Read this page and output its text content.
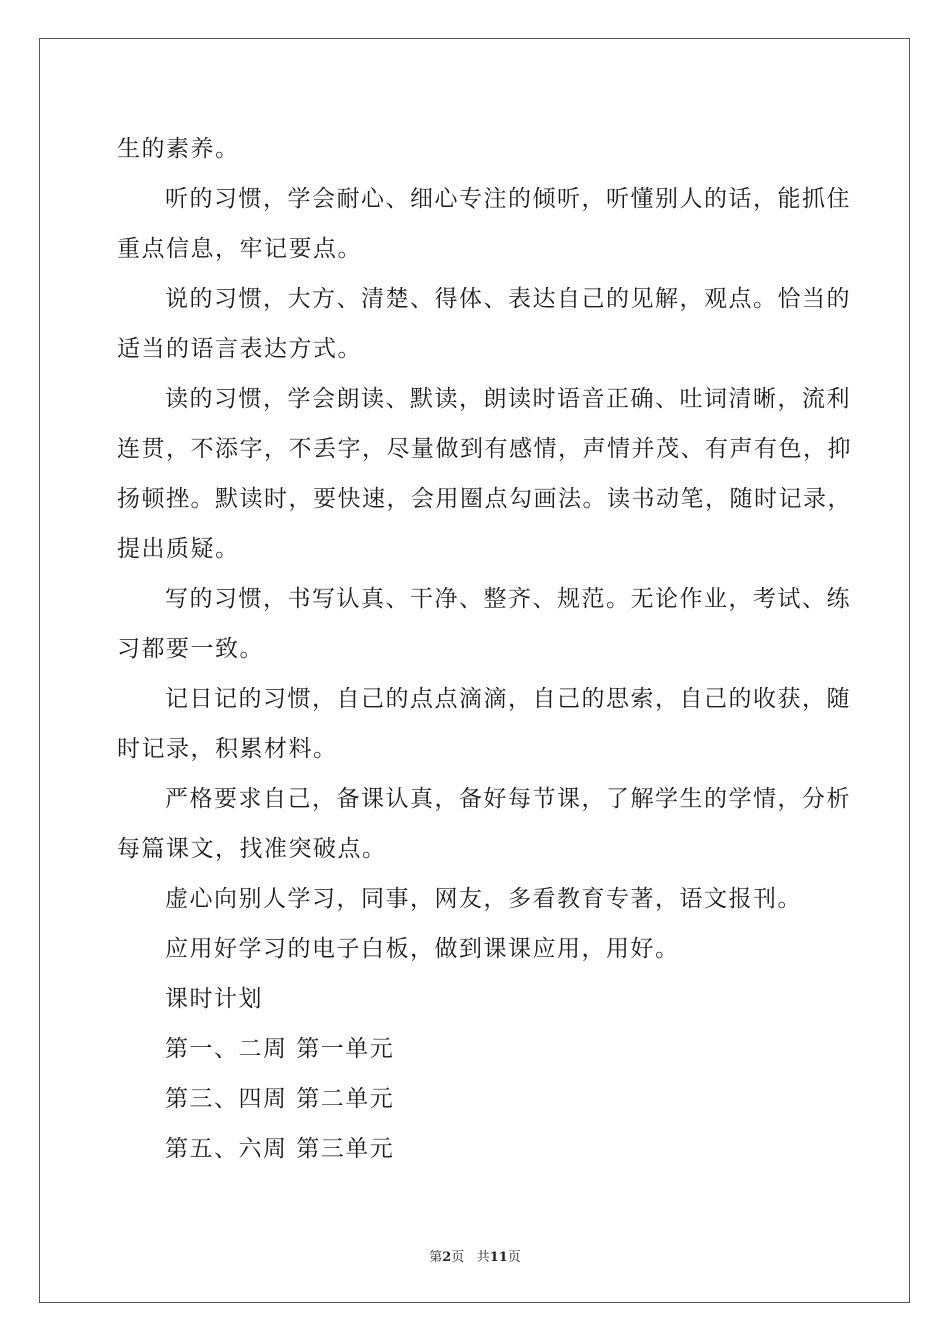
生的素养。
听的习惯，学会耐心、细心专注的倾听，听懂别人的话，能抓住
重点信息，牢记要点。
说的习惯，大方、清楚、得体、表达自己的见解，观点。恰当的
适当的语言表达方式。
读的习惯，学会朗读、默读，朗读时语音正确、吐词清晰，流利
连贯，不添字，不丢字，尽量做到有感情，声情并茂、有声有色，抑
扬顿挫。默读时，要快速，会用圈点勾画法。读书动笔，随时记录，
提出质疑。
写的习惯，书写认真、干净、整齐、规范。无论作业，考试、练
习都要一致。
记日记的习惯，自己的点点滴滴，自己的思索，自己的收获，随
时记录，积累材料。
严格要求自己，备课认真，备好每节课，了解学生的学情，分析
每篇课文，找准突破点。
虚心向别人学习，同事，网友，多看教育专著，语文报刊。
应用好学习的电子白板，做到课课应用，用好。
课时计划
第一、二周 第一单元
第三、四周 第二单元
第五、六周 第三单元
第2页 共11页
